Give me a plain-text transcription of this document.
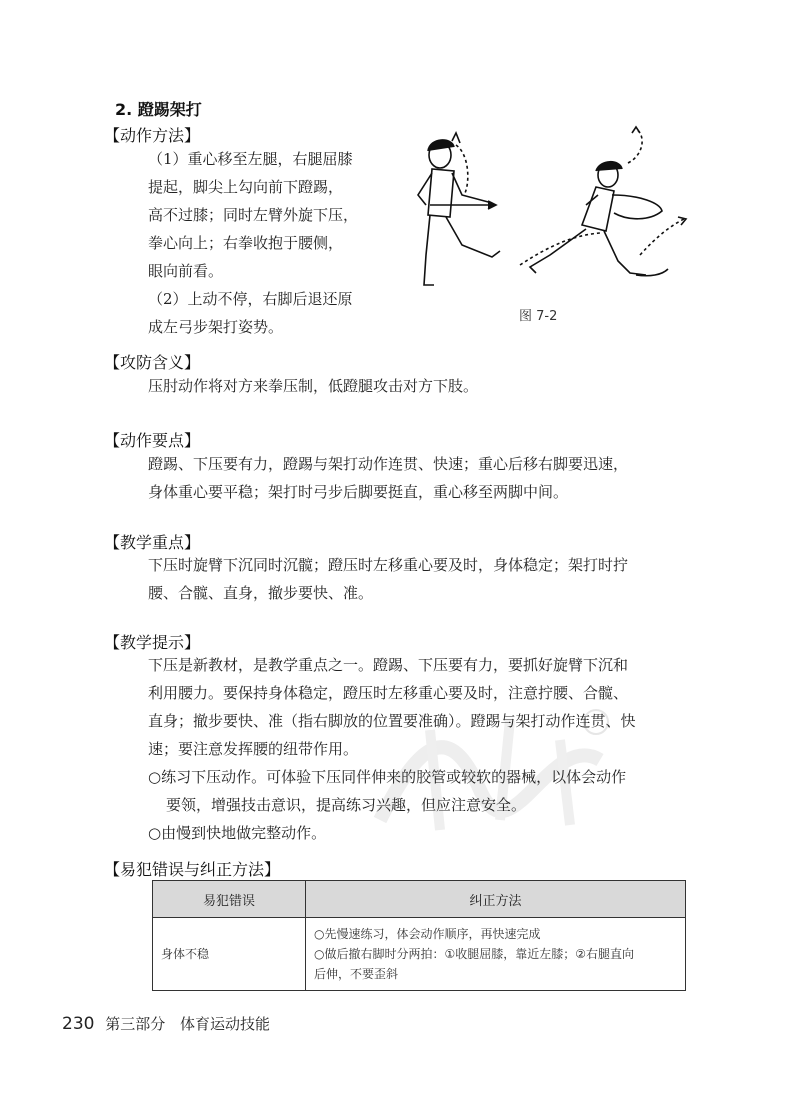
2. 蹬踢架打
【动作方法】
（1）重心移至左腿，右腿屈膝
提起，脚尖上勾向前下蹬踢，
高不过膝；同时左臂外旋下压，
拳心向上；右拳收抱于腰侧，
眼向前看。
（2）上动不停，右脚后退还原
成左弓步架打姿势。
图 7-2
【攻防含义】
压肘动作将对方来拳压制，低蹬腿攻击对方下肢。
【动作要点】
蹬踢、下压要有力，蹬踢与架打动作连贯、快速；重心后移右脚要迅速，
身体重心要平稳；架打时弓步后脚要挺直，重心移至两脚中间。
【教学重点】
下压时旋臂下沉同时沉髋；蹬压时左移重心要及时，身体稳定；架打时拧
腰、合髋、直身，撤步要快、准。
【教学提示】
下压是新教材，是教学重点之一。蹬踢、下压要有力，要抓好旋臂下沉和
利用腰力。要保持身体稳定，蹬压时左移重心要及时，注意拧腰、合髋、
直身；撤步要快、准（指右脚放的位置要准确）。蹬踢与架打动作连贯、快
速；要注意发挥腰的纽带作用。
○练习下压动作。可体验下压同伴伸来的胶管或较软的器械，以体会动作
要领，增强技击意识，提高练习兴趣，但应注意安全。
○由慢到快地做完整动作。
【易犯错误与纠正方法】
易犯错误	纠正方法
身体不稳	○先慢速练习，体会动作顺序，再快速完成
○做后撤右脚时分两拍：①收腿屈膝，靠近左膝；②右腿直向
后伸，不要歪斜
230 第三部分 体育运动技能
